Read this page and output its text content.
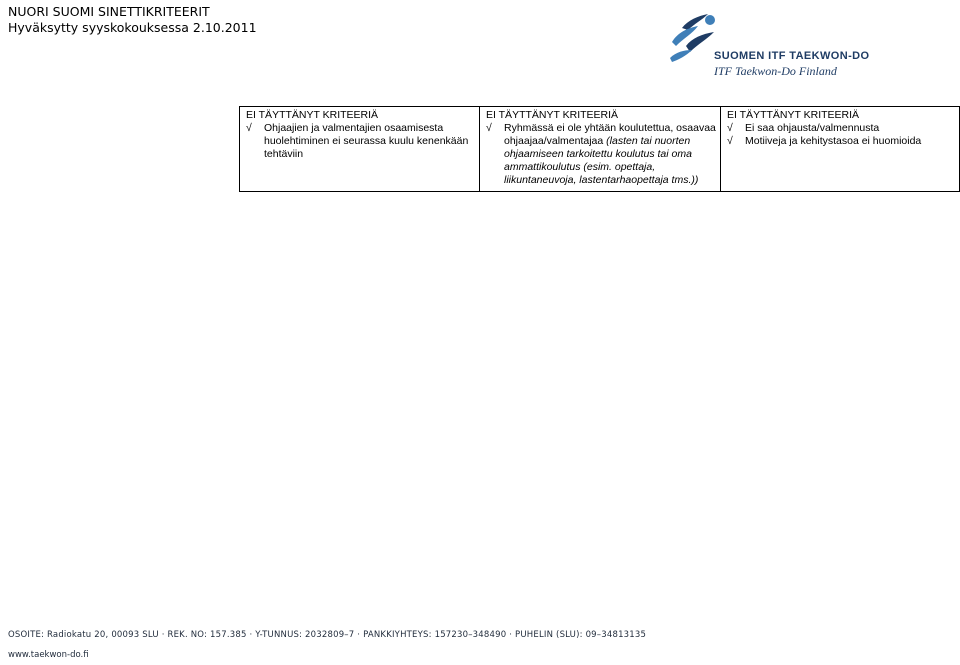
NUORI SUOMI SINETTIKRITEERIT
Hyväksytty syyskokouksessa 2.10.2011
SUOMEN ITF TAEKWON-DO
ITF Taekwon-Do Finland
EI TÄYTTÄNYT KRITEERIÄ
√	Ohjaajien ja valmentajien osaamisesta huolehtiminen ei seurassa kuulu kenenkään tehtäviin

EI TÄYTTÄNYT KRITEERIÄ
√	Ryhmässä ei ole yhtään koulutettua, osaavaa ohjaajaa/valmentajaa (lasten tai nuorten ohjaamiseen tarkoitettu koulutus tai oma ammattikoulutus (esim. opettaja, liikuntaneuvoja, lastentarhaopettaja tms.))

EI TÄYTTÄNYT KRITEERIÄ
√	Ei saa ohjausta/valmennusta
√	Motiiveja ja kehitystasoa ei huomioida
OSOITE: Radiokatu 20, 00093 SLU · REK. NO: 157.385 · Y-TUNNUS: 2032809–7 · PANKKIYHTEYS: 157230–348490 · PUHELIN (SLU): 09–34813135
www.taekwon-do.fi
